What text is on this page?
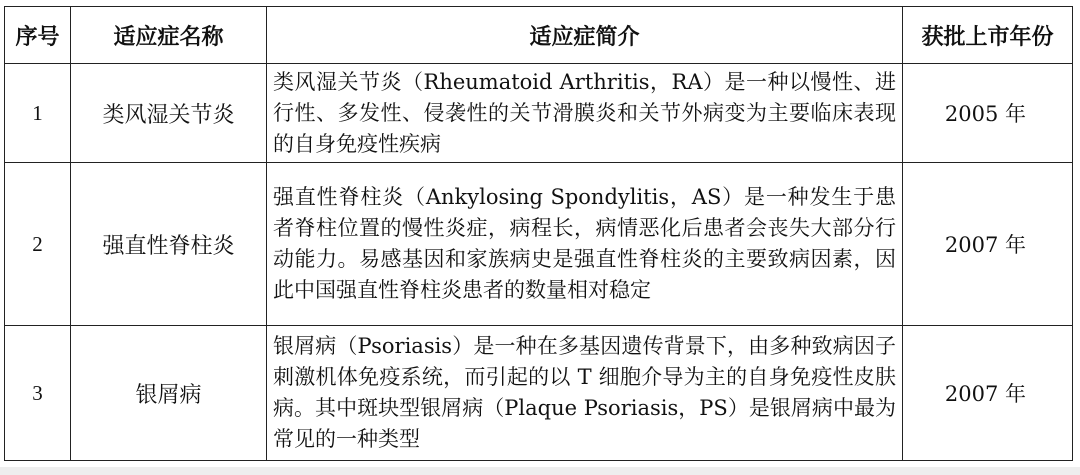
序号	适应症名称	适应症简介	获批上市年份
1	类风湿关节炎	类风湿关节炎（Rheumatoid Arthritis，RA）是一种以慢性、进行性、多发性、侵袭性的关节滑膜炎和关节外病变为主要临床表现的自身免疫性疾病	2005 年
2	强直性脊柱炎	强直性脊柱炎（Ankylosing Spondylitis，AS）是一种发生于患者脊柱位置的慢性炎症，病程长，病情恶化后患者会丧失大部分行动能力。易感基因和家族病史是强直性脊柱炎的主要致病因素，因此中国强直性脊柱炎患者的数量相对稳定	2007 年
3	银屑病	银屑病（Psoriasis）是一种在多基因遗传背景下，由多种致病因子刺激机体免疫系统，而引起的以 T 细胞介导为主的自身免疫性皮肤病。其中斑块型银屑病（Plaque Psoriasis，PS）是银屑病中最为常见的一种类型	2007 年
